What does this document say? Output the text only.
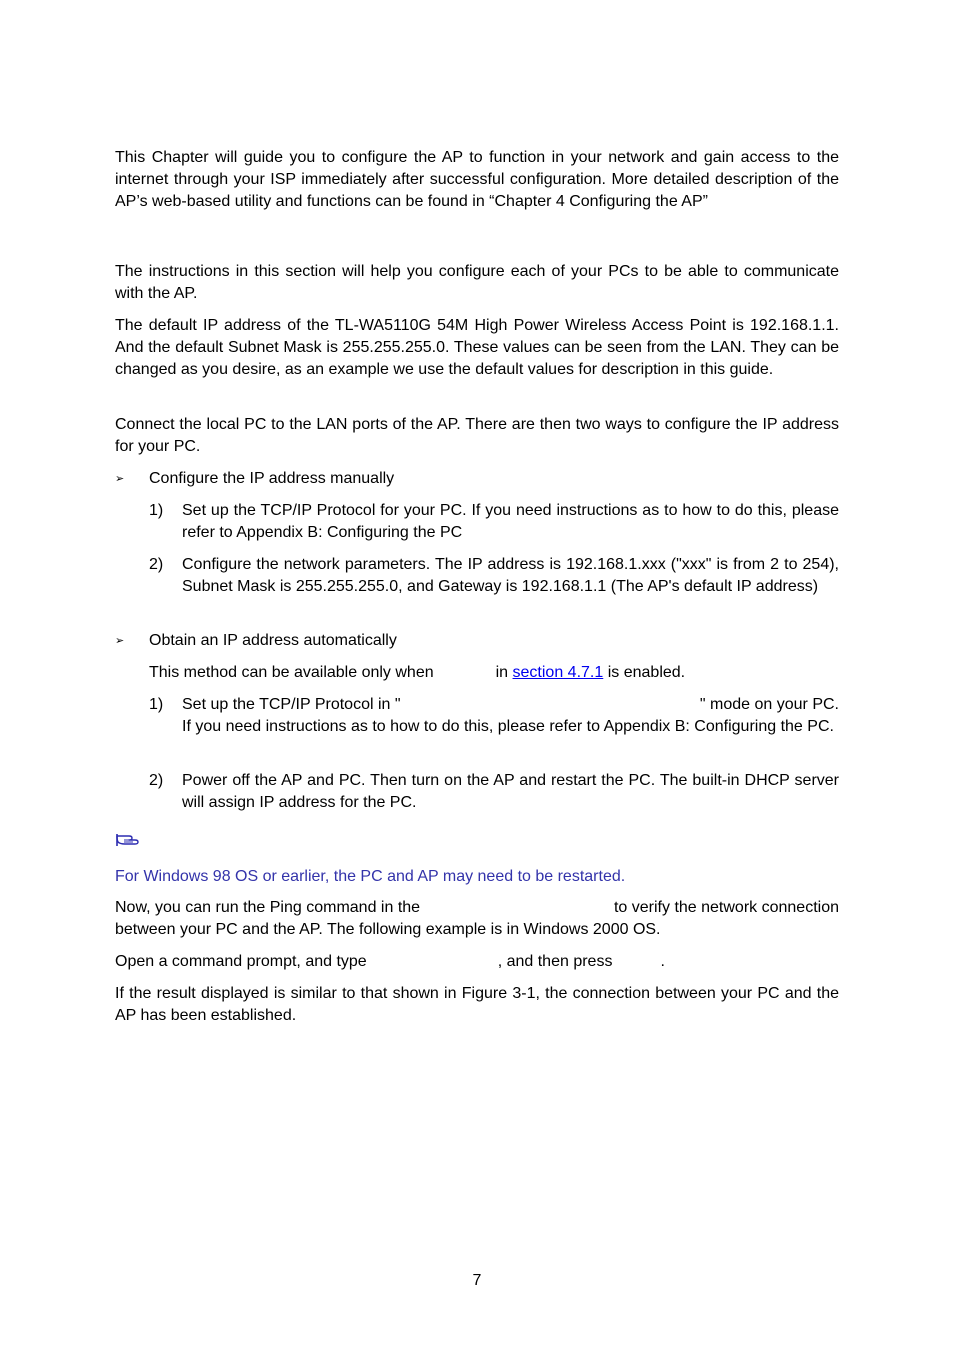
This Chapter will guide you to configure the AP to function in your network and gain access to the internet through your ISP immediately after successful configuration. More detailed description of the AP’s web-based utility and functions can be found in “Chapter 4 Configuring the AP”

The instructions in this section will help you configure each of your PCs to be able to communicate with the AP.

The default IP address of the TL-WA5110G 54M High Power Wireless Access Point is 192.168.1.1. And the default Subnet Mask is 255.255.255.0. These values can be seen from the LAN. They can be changed as you desire, as an example we use the default values for description in this guide.

Connect the local PC to the LAN ports of the AP. There are then two ways to configure the IP address for your PC.

➢ Configure the IP address manually
1)	Set up the TCP/IP Protocol for your PC. If you need instructions as to how to do this, please refer to Appendix B: Configuring the PC

2)	Configure the network parameters. The IP address is 192.168.1.xxx ("xxx" is from 2 to 254), Subnet Mask is 255.255.255.0, and Gateway is 192.168.1.1 (The AP's default IP address)

➢ Obtain an IP address automatically
This method can be available only when	in section 4.7.1 is enabled.
1)	Set up the TCP/IP Protocol in "	" mode on your PC.

If you need instructions as to how to do this, please refer to Appendix B: Configuring the PC.

2)	Power off the AP and PC. Then turn on the AP and restart the PC. The built-in DHCP server will assign IP address for the PC.

For Windows 98 OS or earlier, the PC and AP may need to be restarted.

Now, you can run the Ping command in the	to verify the network connection

between your PC and the AP. The following example is in Windows 2000 OS.

Open a command prompt, and type	, and then press	.

If the result displayed is similar to that shown in Figure 3-1, the connection between your PC and the AP has been established.

7
